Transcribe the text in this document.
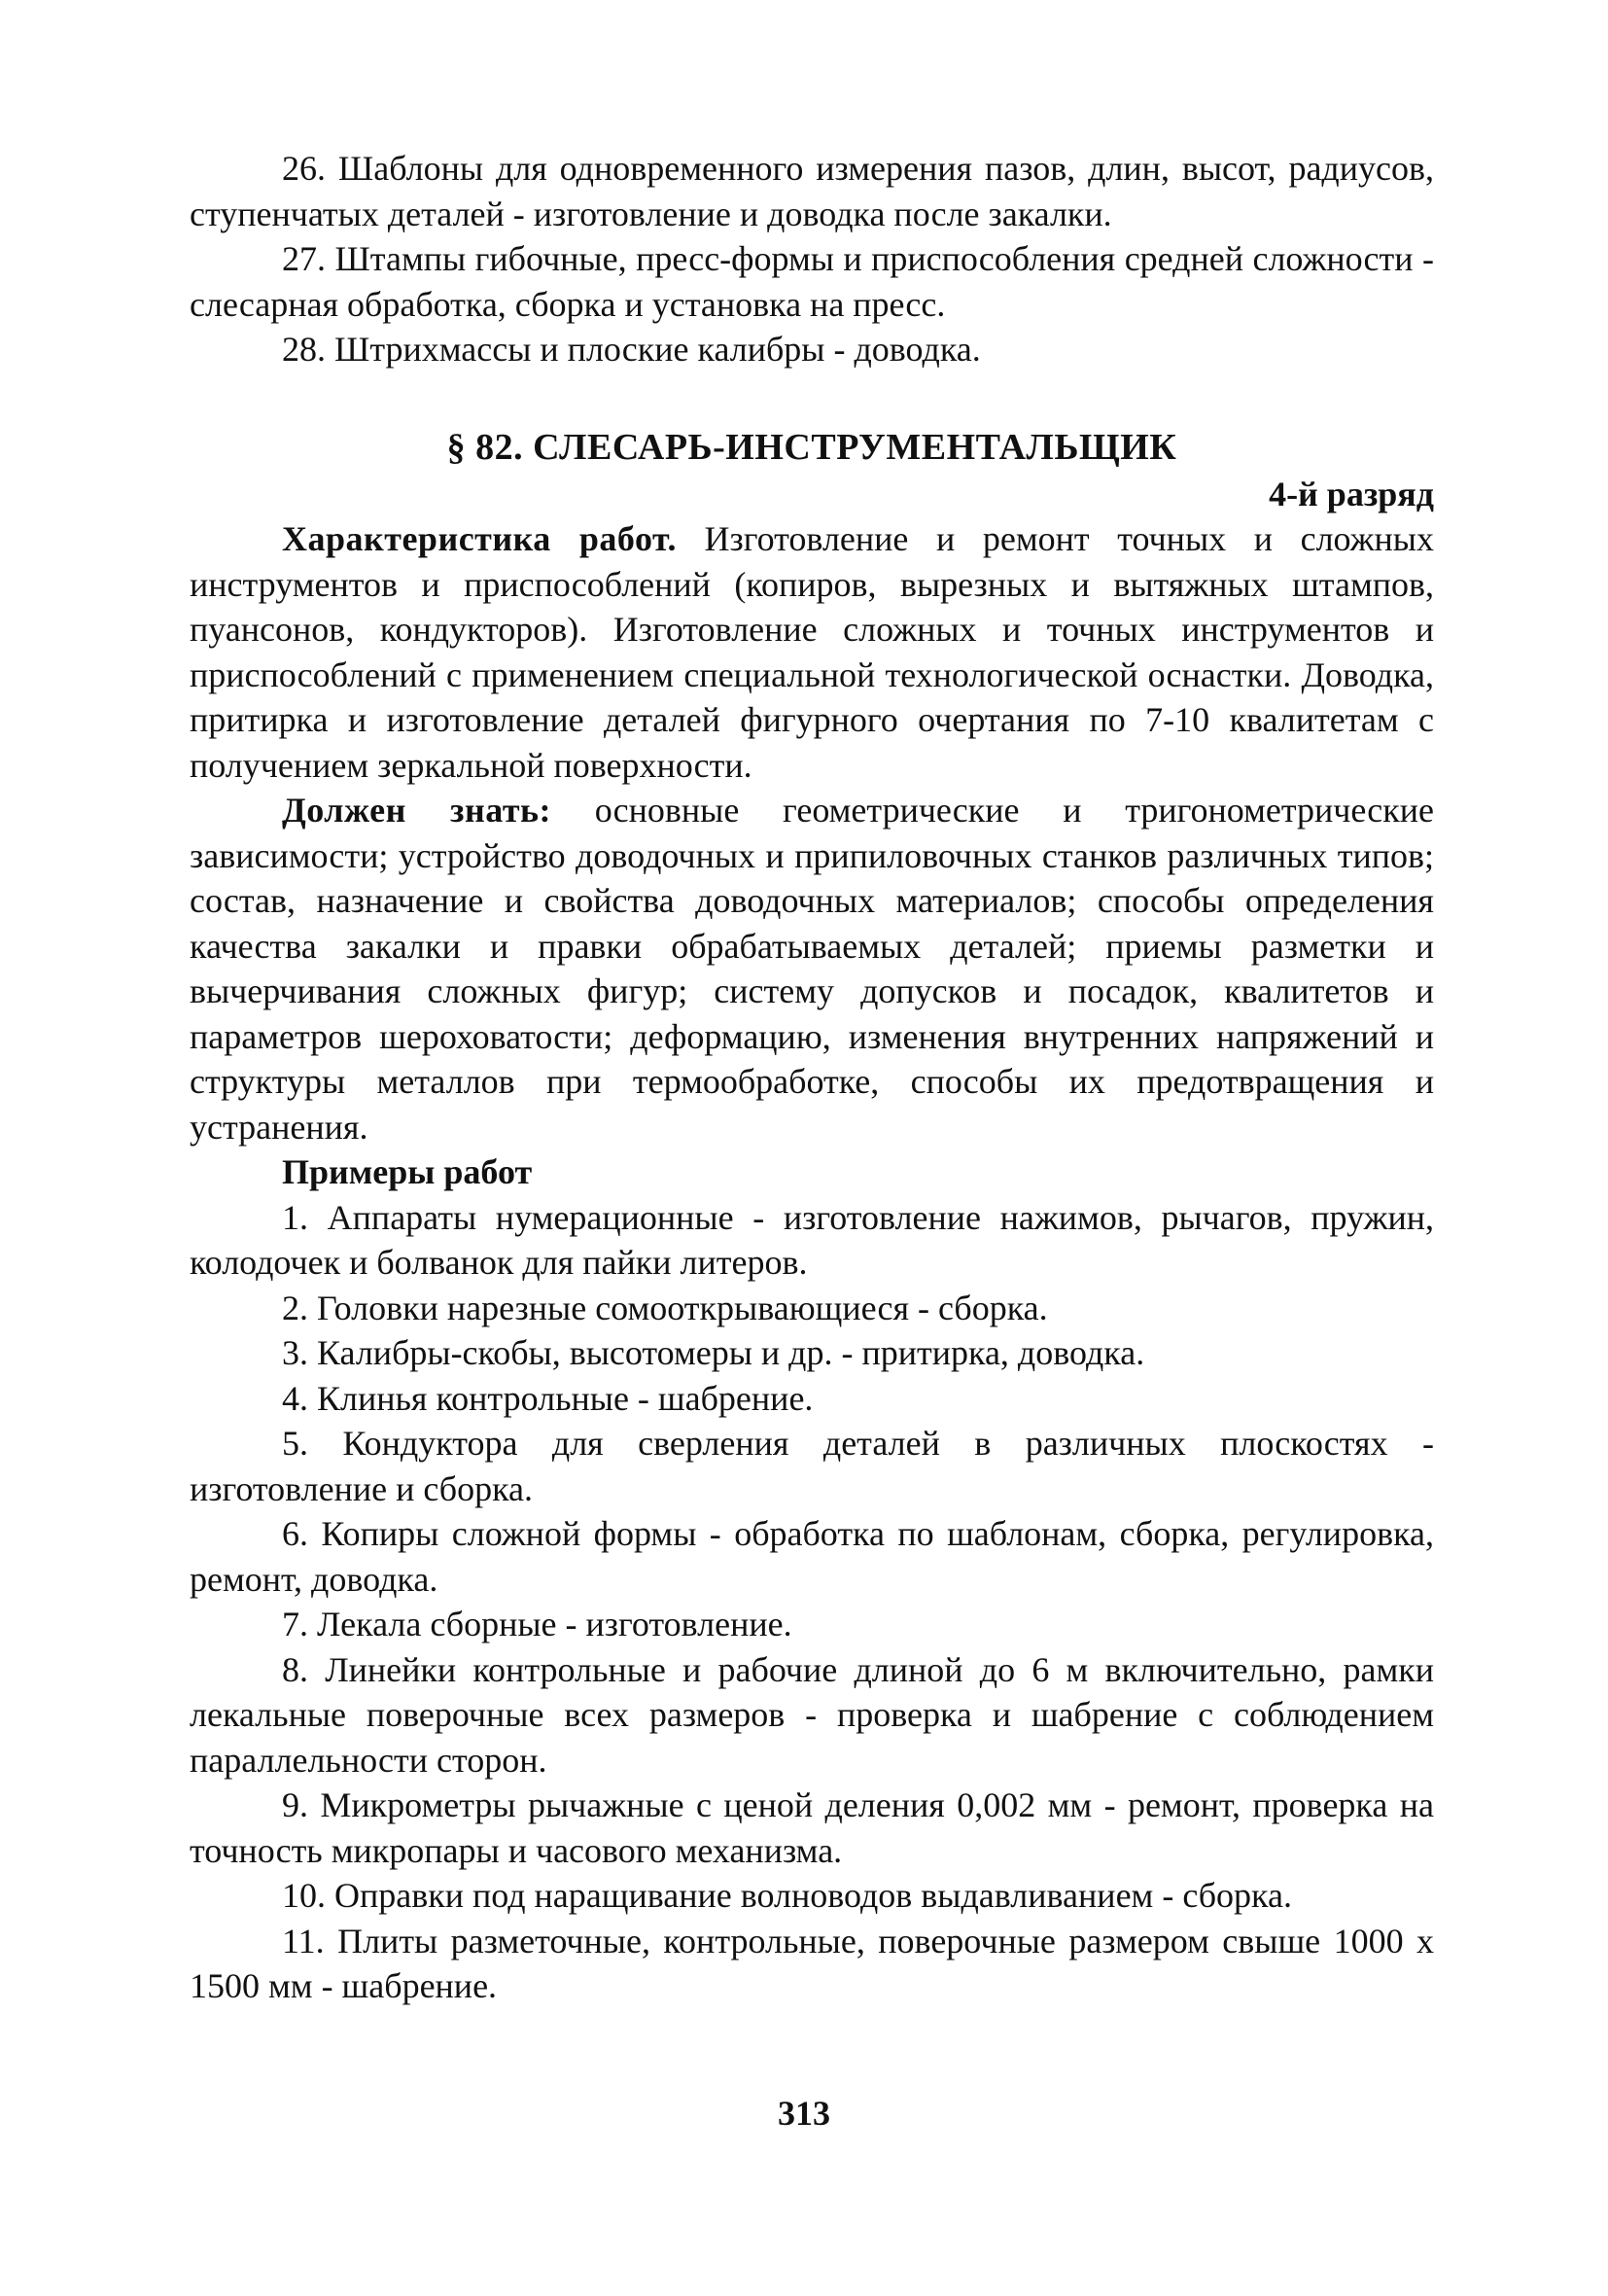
26. Шаблоны для одновременного измерения пазов, длин, высот, радиусов, ступенчатых деталей - изготовление и доводка после закалки.

27. Штампы гибочные, пресс-формы и приспособления средней сложности - слесарная обработка, сборка и установка на пресс.

28. Штрихмассы и плоские калибры - доводка.

§ 82. СЛЕСАРЬ-ИНСТРУМЕНТАЛЬЩИК

4-й разряд

Характеристика работ. Изготовление и ремонт точных и сложных инструментов и приспособлений (копиров, вырезных и вытяжных штампов, пуансонов, кондукторов). Изготовление сложных и точных инструментов и приспособлений с применением специальной технологической оснастки. Доводка, притирка и изготовление деталей фигурного очертания по 7-10 квалитетам с получением зеркальной поверхности.

Должен знать: основные геометрические и тригонометрические зависимости; устройство доводочных и припиловочных станков различных типов; состав, назначение и свойства доводочных материалов; способы определения качества закалки и правки обрабатываемых деталей; приемы разметки и вычерчивания сложных фигур; систему допусков и посадок, квалитетов и параметров шероховатости; деформацию, изменения внутренних напряжений и структуры металлов при термообработке, способы их предотвращения и устранения.

Примеры работ

1. Аппараты нумерационные - изготовление нажимов, рычагов, пружин, колодочек и болванок для пайки литеров.

2. Головки нарезные сомооткрывающиеся - сборка.

3. Калибры-скобы, высотомеры и др. - притирка, доводка.

4. Клинья контрольные - шабрение.

5. Кондуктора для сверления деталей в различных плоскостях - изготовление и сборка.

6. Копиры сложной формы - обработка по шаблонам, сборка, регулировка, ремонт, доводка.

7. Лекала сборные - изготовление.

8. Линейки контрольные и рабочие длиной до 6 м включительно, рамки лекальные поверочные всех размеров - проверка и шабрение с соблюдением параллельности сторон.

9. Микрометры рычажные с ценой деления 0,002 мм - ремонт, проверка на точность микропары и часового механизма.

10. Оправки под наращивание волноводов выдавливанием - сборка.

11. Плиты разметочные, контрольные, поверочные размером свыше 1000 х 1500 мм - шабрение.

313
